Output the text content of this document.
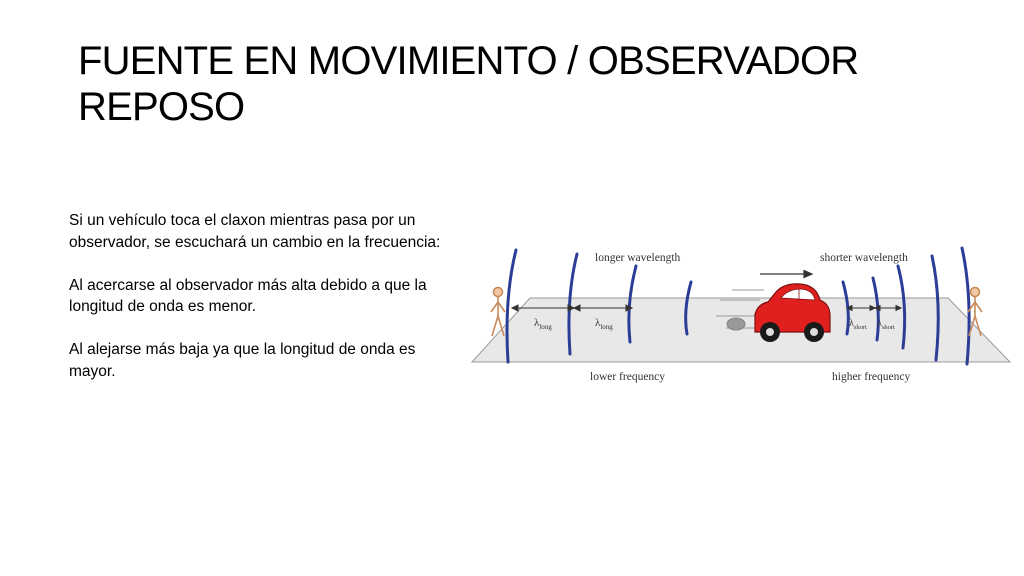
FUENTE EN MOVIMIENTO / OBSERVADOR REPOSO

Si un vehículo toca el claxon mientras pasa por un observador, se escuchará un cambio en la frecuencia:

Al acercarse al observador más alta debido a que la longitud de onda es menor.

Al alejarse más baja ya que la longitud de onda es mayor.

$\lambda_{long}$	$\lambda_{long}$	$\lambda_{short}$ $\lambda_{short}$
longer wavelength	shorter wavelength
lower frequency	higher frequency
